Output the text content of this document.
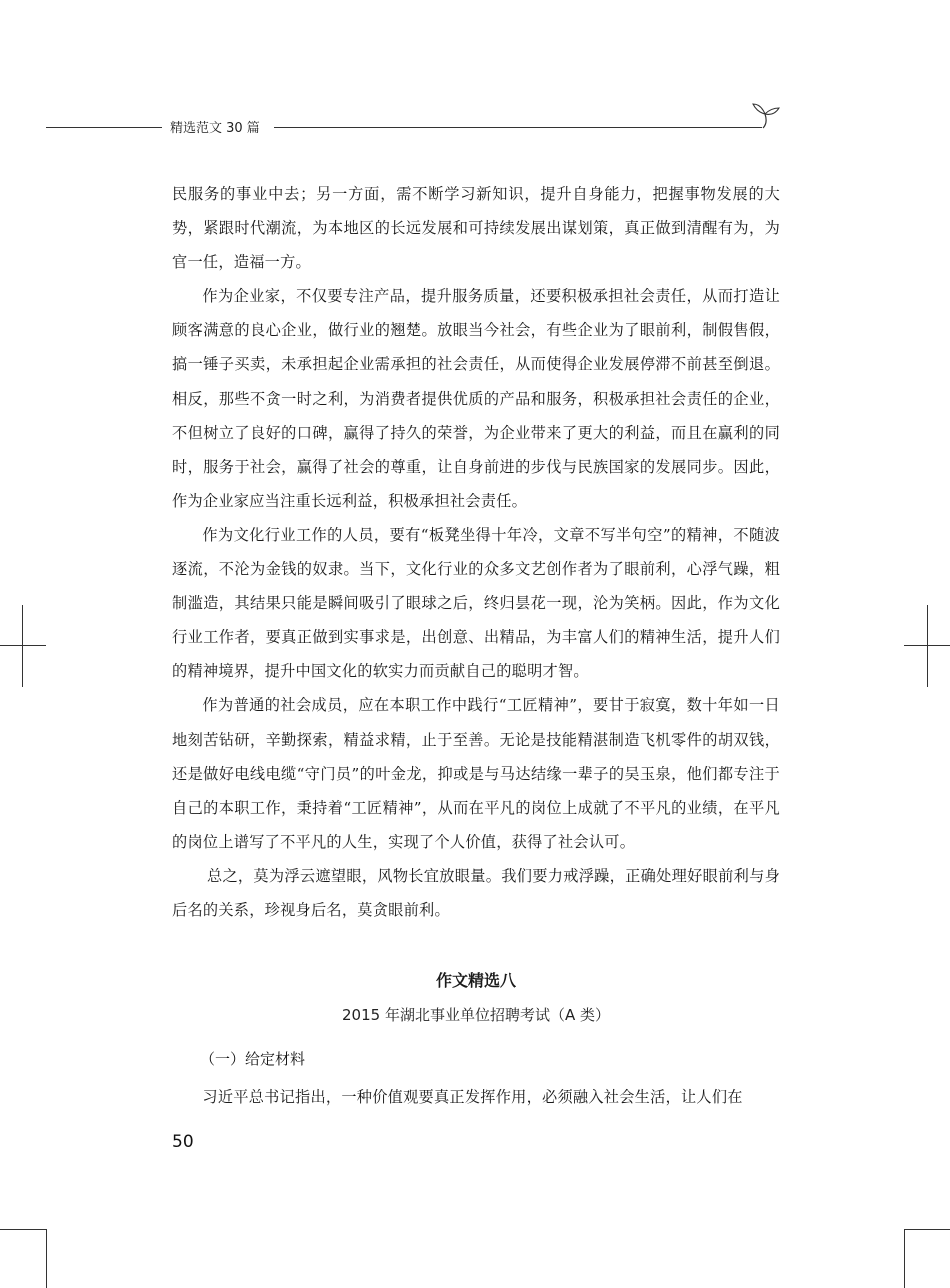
精选范文 30 篇

民服务的事业中去；另一方面，需不断学习新知识，提升自身能力，把握事物发展的大势，紧跟时代潮流，为本地区的长远发展和可持续发展出谋划策，真正做到清醒有为，为官一任，造福一方。

作为企业家，不仅要专注产品，提升服务质量，还要积极承担社会责任，从而打造让顾客满意的良心企业，做行业的翘楚。放眼当今社会，有些企业为了眼前利，制假售假，搞一锤子买卖，未承担起企业需承担的社会责任，从而使得企业发展停滞不前甚至倒退。相反，那些不贪一时之利，为消费者提供优质的产品和服务，积极承担社会责任的企业，不但树立了良好的口碑，赢得了持久的荣誉，为企业带来了更大的利益，而且在赢利的同时，服务于社会，赢得了社会的尊重，让自身前进的步伐与民族国家的发展同步。因此，作为企业家应当注重长远利益，积极承担社会责任。

作为文化行业工作的人员，要有“板凳坐得十年冷，文章不写半句空”的精神，不随波逐流，不沦为金钱的奴隶。当下，文化行业的众多文艺创作者为了眼前利，心浮气躁，粗制滥造，其结果只能是瞬间吸引了眼球之后，终归昙花一现，沦为笑柄。因此，作为文化行业工作者，要真正做到实事求是，出创意、出精品，为丰富人们的精神生活，提升人们的精神境界，提升中国文化的软实力而贡献自己的聪明才智。

作为普通的社会成员，应在本职工作中践行“工匠精神”，要甘于寂寞，数十年如一日地刻苦钻研，辛勤探索，精益求精，止于至善。无论是技能精湛制造飞机零件的胡双钱，还是做好电线电缆“守门员”的叶金龙，抑或是与马达结缘一辈子的吴玉泉，他们都专注于自己的本职工作，秉持着“工匠精神”，从而在平凡的岗位上成就了不平凡的业绩，在平凡的岗位上谱写了不平凡的人生，实现了个人价值，获得了社会认可。

总之，莫为浮云遮望眼，风物长宜放眼量。我们要力戒浮躁，正确处理好眼前利与身后名的关系，珍视身后名，莫贪眼前利。

作文精选八
2015 年湖北事业单位招聘考试（A 类）
（一）给定材料

习近平总书记指出，一种价值观要真正发挥作用，必须融入社会生活，让人们在

50
